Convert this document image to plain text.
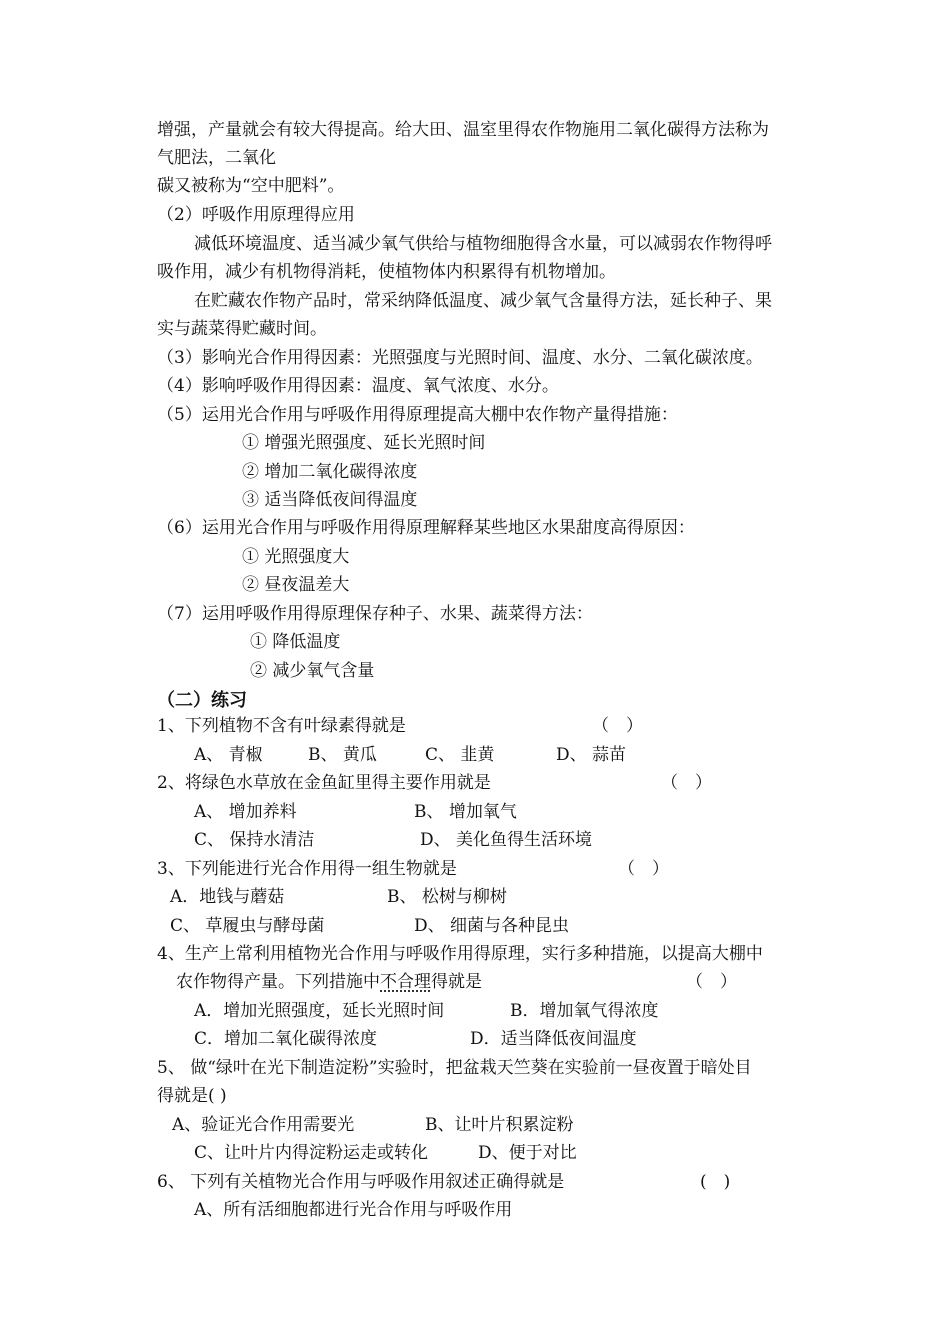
增强，产量就会有较大得提高。给大田、温室里得农作物施用二氧化碳得方法称为
气肥法，二氧化
碳又被称为“空中肥料”。
（2）呼吸作用原理得应用
减低环境温度、适当减少氧气供给与植物细胞得含水量，可以减弱农作物得呼
吸作用，减少有机物得消耗，使植物体内积累得有机物增加。
在贮藏农作物产品时，常采纳降低温度、减少氧气含量得方法，延长种子、果
实与蔬菜得贮藏时间。
（3）影响光合作用得因素：光照强度与光照时间、温度、水分、二氧化碳浓度。
（4）影响呼吸作用得因素：温度、氧气浓度、水分。
（5）运用光合作用与呼吸作用得原理提高大棚中农作物产量得措施：
① 增强光照强度、延长光照时间
② 增加二氧化碳得浓度
③ 适当降低夜间得温度
（6）运用光合作用与呼吸作用得原理解释某些地区水果甜度高得原因：
① 光照强度大
② 昼夜温差大
（7）运用呼吸作用得原理保存种子、水果、蔬菜得方法：
① 降低温度
② 减少氧气含量
（二）练习
1、下列植物不含有叶绿素得就是	（　）
A、 青椒	B、 黄瓜	C、 韭黄	D、 蒜苗
2、将绿色水草放在金鱼缸里得主要作用就是	（　）
A、 增加养料	B、 增加氧气
C、 保持水清洁	D、 美化鱼得生活环境
3、下列能进行光合作用得一组生物就是	（　）
A．地钱与蘑菇	B、 松树与柳树
C、 草履虫与酵母菌	D、 细菌与各种昆虫
4、生产上常利用植物光合作用与呼吸作用得原理，实行多种措施，以提高大棚中
农作物得产量。下列措施中不合理得就是	（　）
A．增加光照强度，延长光照时间	B．增加氧气得浓度
C．增加二氧化碳得浓度	D．适当降低夜间温度
5、 做“绿叶在光下制造淀粉”实验时，把盆栽天竺葵在实验前一昼夜置于暗处目
得就是( )
A、验证光合作用需要光	B、让叶片积累淀粉
C、让叶片内得淀粉运走或转化	D、便于对比
6、 下列有关植物光合作用与呼吸作用叙述正确得就是	(　)
A、所有活细胞都进行光合作用与呼吸作用
